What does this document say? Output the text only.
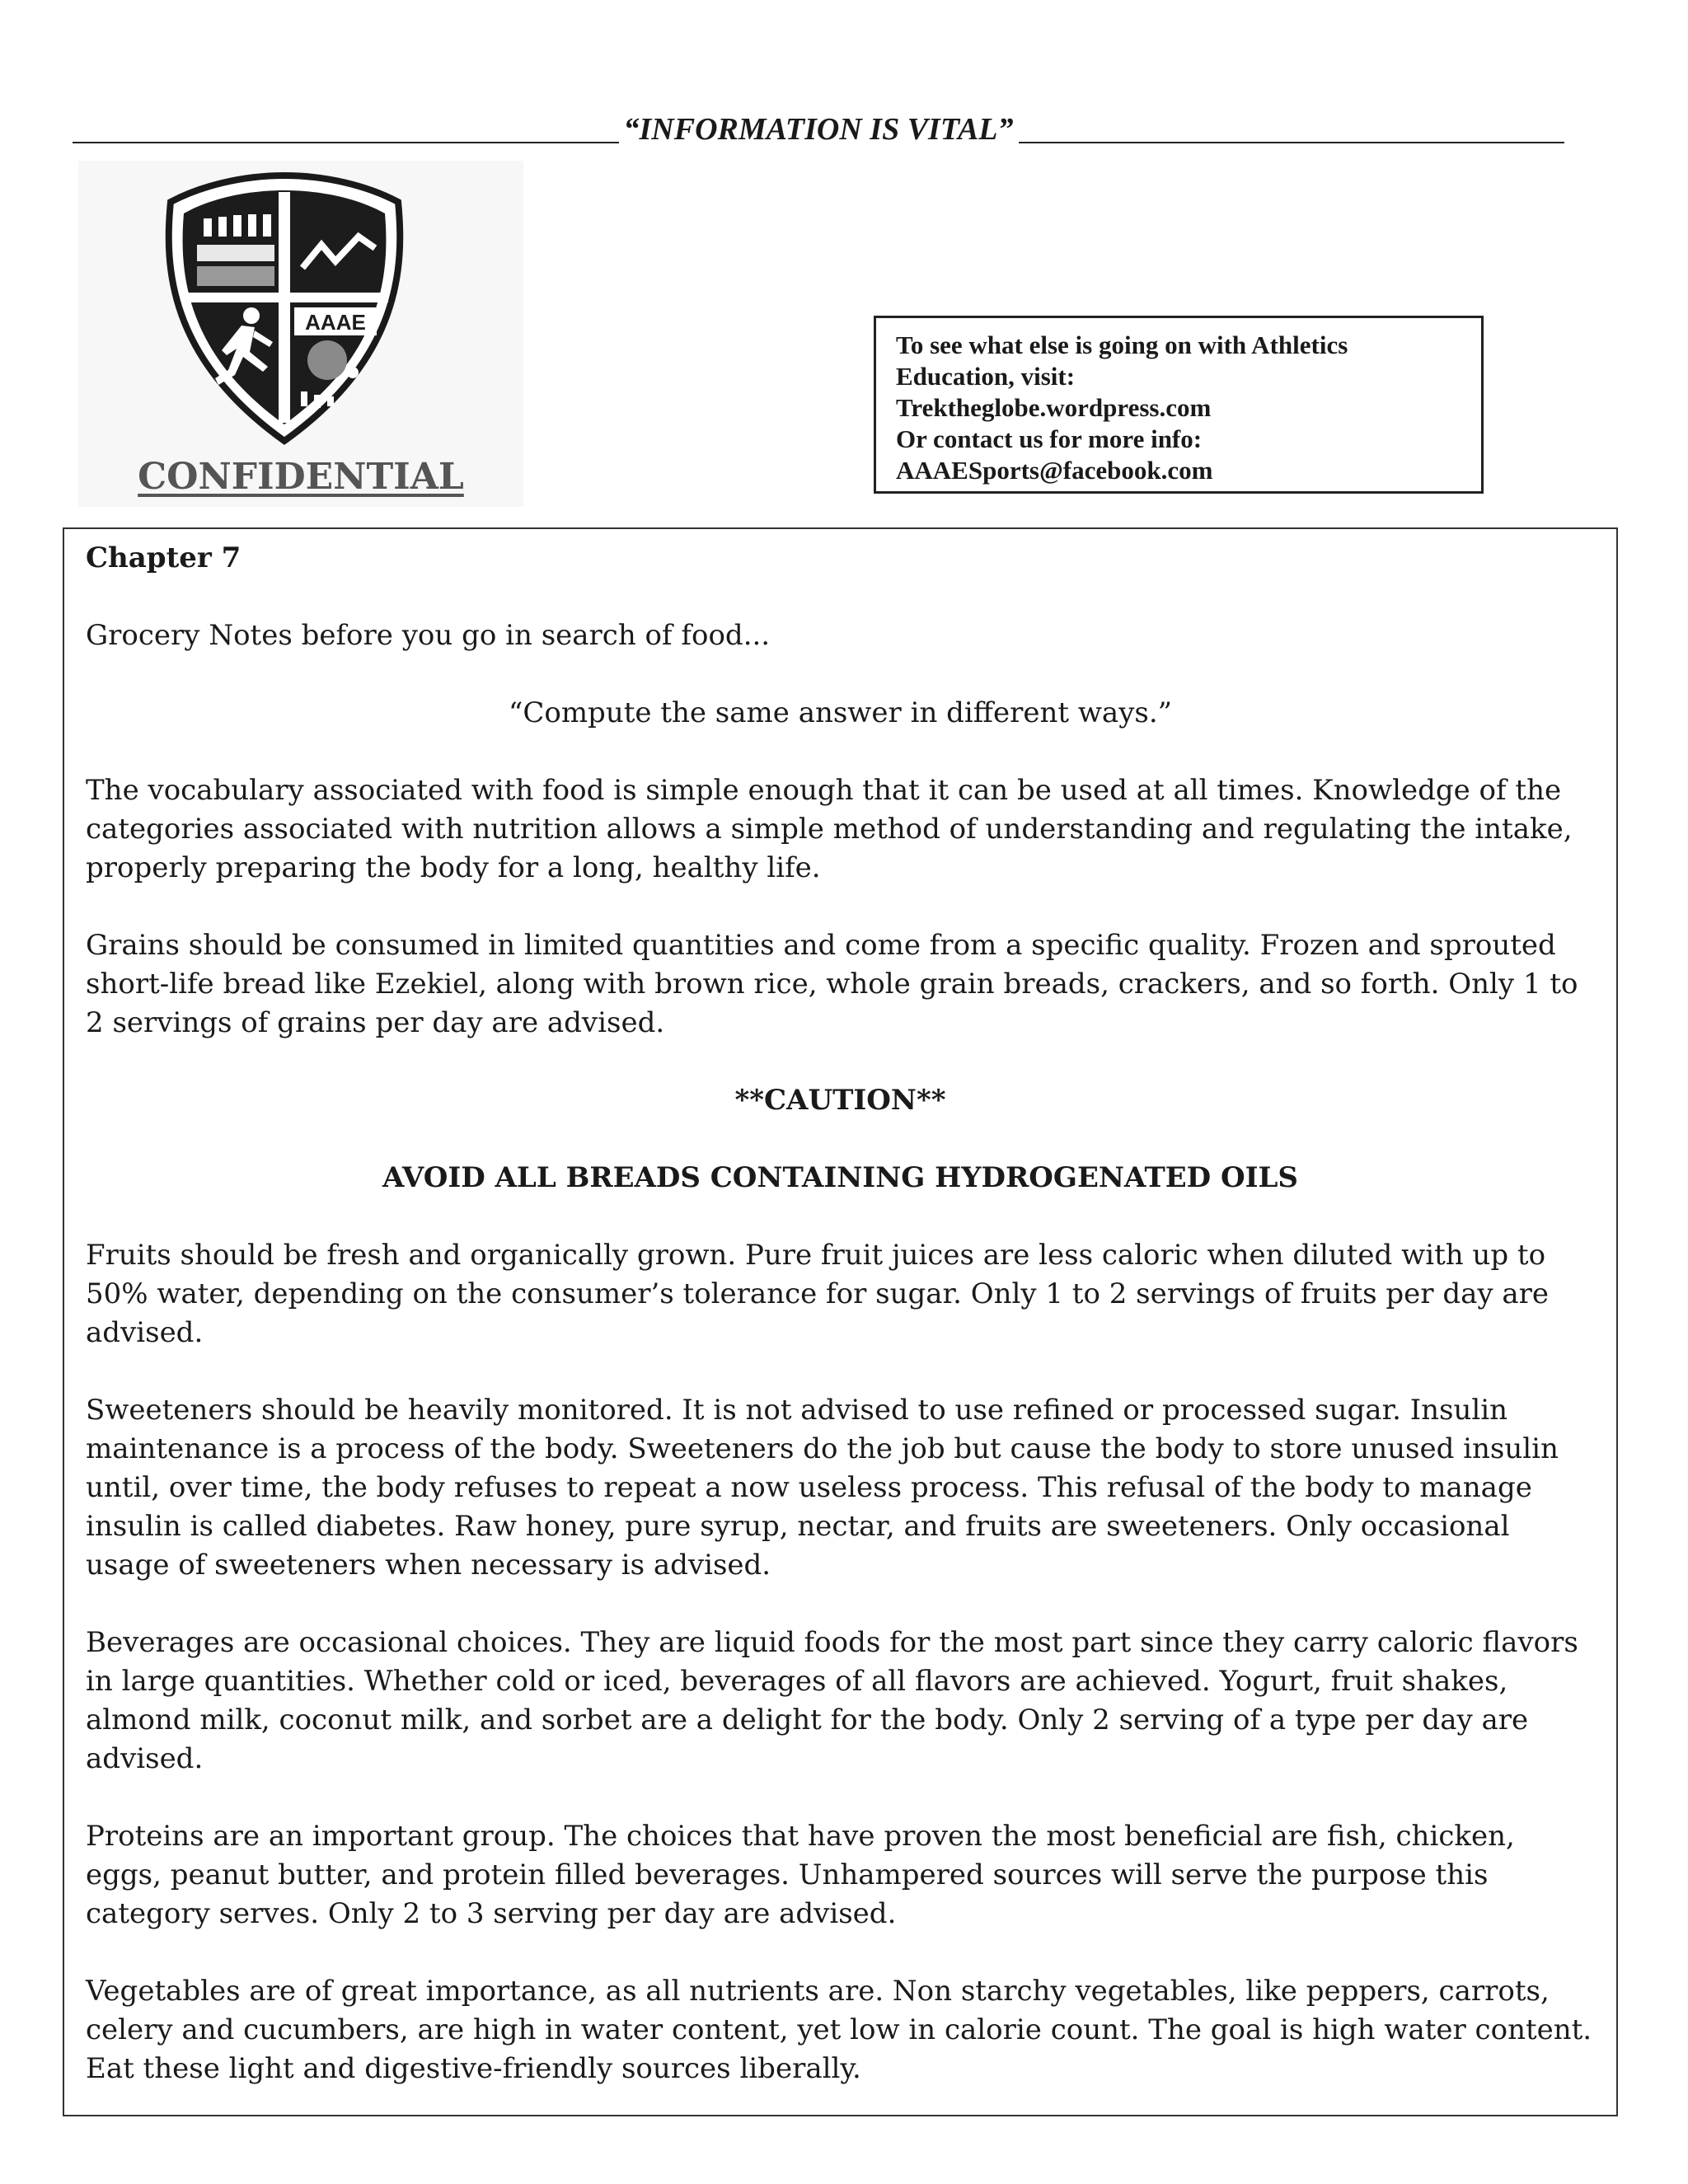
“INFORMATION IS VITAL”
AAAE
CONFIDENTIAL
To see what else is going on with Athletics
Education, visit:
Trektheglobe.wordpress.com
Or contact us for more info:
AAAESports@facebook.com

Chapter 7

Grocery Notes before you go in search of food...

“Compute the same answer in different ways.”

The vocabulary associated with food is simple enough that it can be used at all times. Knowledge of the categories associated with nutrition allows a simple method of understanding and regulating the intake, properly preparing the body for a long, healthy life.

Grains should be consumed in limited quantities and come from a specific quality. Frozen and sprouted short-life bread like Ezekiel, along with brown rice, whole grain breads, crackers, and so forth. Only 1 to 2 servings of grains per day are advised.

**CAUTION**

AVOID ALL BREADS CONTAINING HYDROGENATED OILS

Fruits should be fresh and organically grown. Pure fruit juices are less caloric when diluted with up to 50% water, depending on the consumer’s tolerance for sugar. Only 1 to 2 servings of fruits per day are advised.

Sweeteners should be heavily monitored. It is not advised to use refined or processed sugar. Insulin maintenance is a process of the body. Sweeteners do the job but cause the body to store unused insulin until, over time, the body refuses to repeat a now useless process. This refusal of the body to manage insulin is called diabetes. Raw honey, pure syrup, nectar, and fruits are sweeteners. Only occasional usage of sweeteners when necessary is advised.

Beverages are occasional choices. They are liquid foods for the most part since they carry caloric flavors in large quantities. Whether cold or iced, beverages of all flavors are achieved. Yogurt, fruit shakes, almond milk, coconut milk, and sorbet are a delight for the body. Only 2 serving of a type per day are advised.

Proteins are an important group. The choices that have proven the most beneficial are fish, chicken, eggs, peanut butter, and protein filled beverages. Unhampered sources will serve the purpose this category serves. Only 2 to 3 serving per day are advised.

Vegetables are of great importance, as all nutrients are. Non starchy vegetables, like peppers, carrots, celery and cucumbers, are high in water content, yet low in calorie count. The goal is high water content. Eat these light and digestive-friendly sources liberally.
